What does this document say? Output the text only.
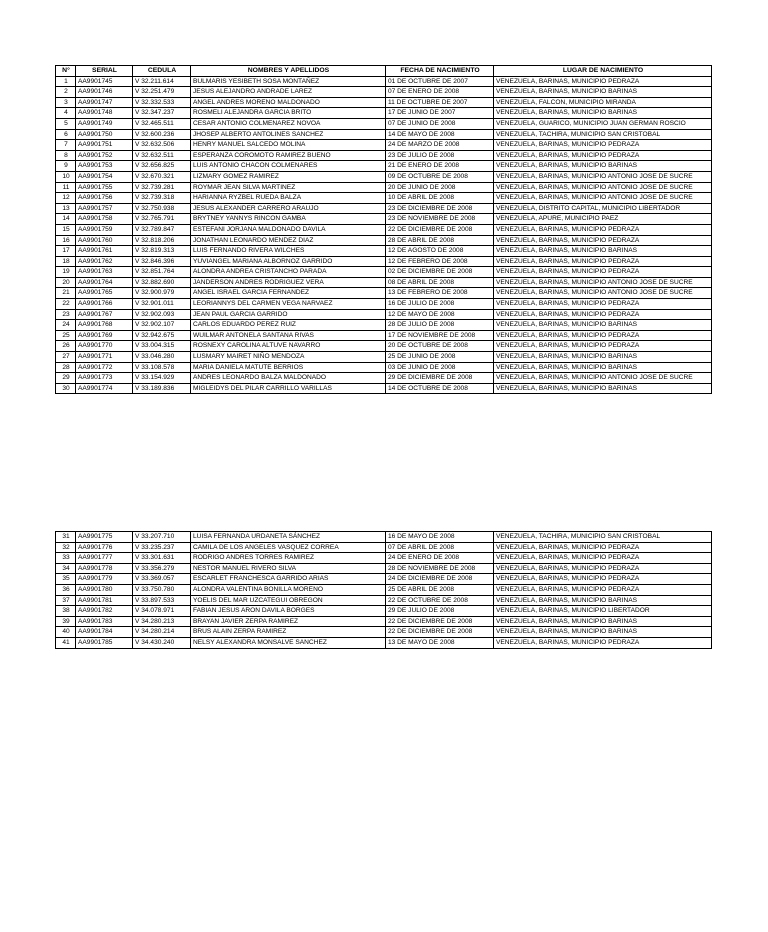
N°	SERIAL	CEDULA	NOMBRES Y APELLIDOS	FECHA DE NACIMIENTO	LUGAR DE NACIMIENTO
1	AA9901745	V 32.211.614	BULMARIS YESIBETH SOSA MONTAÑEZ	01 DE OCTUBRE DE 2007	VENEZUELA, BARINAS, MUNICIPIO PEDRAZA
2	AA9901746	V 32.251.479	JESUS ALEJANDRO ANDRADE LAREZ	07 DE ENERO DE 2008	VENEZUELA, BARINAS, MUNICIPIO BARINAS
3	AA9901747	V 32.332.533	ANGEL ANDRES MORENO MALDONADO	11 DE OCTUBRE DE 2007	VENEZUELA, FALCON, MUNICIPIO MIRANDA
4	AA9901748	V 32.347.237	ROSMELI ALEJANDRA GARCIA BRITO	17 DE JUNIO DE 2007	VENEZUELA, BARINAS, MUNICIPIO BARINAS
5	AA9901749	V 32.465.511	CESAR ANTONIO COLMENAREZ NOVOA	07 DE JUNIO DE 2008	VENEZUELA, GUARICO, MUNICIPIO JUAN GERMAN ROSCIO
6	AA9901750	V 32.600.236	JHOSEP ALBERTO ANTOLINES SANCHEZ	14 DE MAYO DE 2008	VENEZUELA, TACHIRA, MUNICIPIO SAN CRISTOBAL
7	AA9901751	V 32.632.506	HENRY MANUEL SALCEDO MOLINA	24 DE MARZO DE 2008	VENEZUELA, BARINAS, MUNICIPIO PEDRAZA
8	AA9901752	V 32.632.511	ESPERANZA COROMOTO RAMIREZ BUENO	23 DE JULIO DE 2008	VENEZUELA, BARINAS, MUNICIPIO PEDRAZA
9	AA9901753	V 32.656.825	LUIS ANTONIO CHACON COLMENARES	21 DE ENERO DE 2008	VENEZUELA, BARINAS, MUNICIPIO BARINAS
10	AA9901754	V 32.670.321	LIZMARY GOMEZ RAMIREZ	09 DE OCTUBRE DE 2008	VENEZUELA, BARINAS, MUNICIPIO ANTONIO JOSE DE SUCRE
11	AA9901755	V 32.739.281	ROYMAR JEAN SILVA MARTINEZ	20 DE JUNIO DE 2008	VENEZUELA, BARINAS, MUNICIPIO ANTONIO JOSE DE SUCRE
12	AA9901756	V 32.739.318	HARIANNA RYZBEL RUEDA BALZA	10 DE ABRIL DE 2008	VENEZUELA, BARINAS, MUNICIPIO ANTONIO JOSE DE SUCRE
13	AA9901757	V 32.750.938	JESUS ALEXANDER CARRERO ARAUJO	23 DE DICIEMBRE DE 2008	VENEZUELA, DISTRITO CAPITAL, MUNICIPIO LIBERTADOR
14	AA9901758	V 32.765.791	BRYTNEY YANNYS RINCON GAMBA	23 DE NOVIEMBRE DE 2008	VENEZUELA, APURE, MUNICIPIO PAEZ
15	AA9901759	V 32.789.847	ESTEFANI JORJANA MALDONADO DAVILA	22 DE DICIEMBRE DE 2008	VENEZUELA, BARINAS, MUNICIPIO PEDRAZA
16	AA9901760	V 32.818.206	JONATHAN LEONARDO MENDEZ DIAZ	28 DE ABRIL DE 2008	VENEZUELA, BARINAS, MUNICIPIO PEDRAZA
17	AA9901761	V 32.819.313	LUIS FERNANDO RIVERA WILCHES	12 DE AGOSTO DE 2008	VENEZUELA, BARINAS, MUNICIPIO BARINAS
18	AA9901762	V 32.846.396	YUVIANGEL MARIANA ALBORNOZ GARRIDO	12 DE FEBRERO DE 2008	VENEZUELA, BARINAS, MUNICIPIO PEDRAZA
19	AA9901763	V 32.851.764	ALONDRA ANDREA CRISTANCHO PARADA	02 DE DICIEMBRE DE 2008	VENEZUELA, BARINAS, MUNICIPIO PEDRAZA
20	AA9901764	V 32.882.690	JANDERSON ANDRES RODRIGUEZ VERA	08 DE ABRIL DE 2008	VENEZUELA, BARINAS, MUNICIPIO ANTONIO JOSE DE SUCRE
21	AA9901765	V 32.900.979	ANGEL ISRAEL GARCIA FERNANDEZ	13 DE FEBRERO DE 2008	VENEZUELA, BARINAS, MUNICIPIO ANTONIO JOSE DE SUCRE
22	AA9901766	V 32.901.011	LEORIANNYS DEL CARMEN VEGA NARVAEZ	16 DE JULIO DE 2008	VENEZUELA, BARINAS, MUNICIPIO PEDRAZA
23	AA9901767	V 32.902.093	JEAN PAUL GARCIA GARRIDO	12 DE MAYO DE 2008	VENEZUELA, BARINAS, MUNICIPIO PEDRAZA
24	AA9901768	V 32.902.107	CARLOS EDUARDO PEREZ RUIZ	28 DE JULIO DE 2008	VENEZUELA, BARINAS, MUNICIPIO BARINAS
25	AA9901769	V 32.942.675	WUILMAR ANTONELA SANTANA RIVAS	17 DE NOVIEMBRE DE 2008	VENEZUELA, BARINAS, MUNICIPIO PEDRAZA
26	AA9901770	V 33.004.315	ROSNEXY CAROLINA ALTUVE NAVARRO	20 DE OCTUBRE DE 2008	VENEZUELA, BARINAS, MUNICIPIO PEDRAZA
27	AA9901771	V 33.046.280	LUSMARY MAIRET NIÑO MENDOZA	25 DE JUNIO DE 2008	VENEZUELA, BARINAS, MUNICIPIO BARINAS
28	AA9901772	V 33.108.578	MARIA DANIELA MATUTE BERRIOS	03 DE JUNIO DE 2008	VENEZUELA, BARINAS, MUNICIPIO BARINAS
29	AA9901773	V 33.154.929	ANDRES LEONARDO BALZA MALDONADO	29 DE DICIEMBRE DE 2008	VENEZUELA, BARINAS, MUNICIPIO ANTONIO JOSE DE SUCRE
30	AA9901774	V 33.189.836	MIGLEIDYS DEL PILAR CARRILLO VARILLAS	14 DE OCTUBRE DE 2008	VENEZUELA, BARINAS, MUNICIPIO BARINAS
31	AA9901775	V 33.207.710	LUISA FERNANDA URDANETA SÁNCHEZ	16 DE MAYO DE 2008	VENEZUELA, TACHIRA, MUNICIPIO SAN CRISTOBAL
32	AA9901776	V 33.235.237	CAMILA DE LOS ANGELES VASQUEZ CORREA	07 DE ABRIL DE 2008	VENEZUELA, BARINAS, MUNICIPIO PEDRAZA
33	AA9901777	V 33.301.631	RODRIGO ANDRES TORRES RAMIREZ	24 DE ENERO DE 2008	VENEZUELA, BARINAS, MUNICIPIO PEDRAZA
34	AA9901778	V 33.356.279	NESTOR MANUEL RIVERO SILVA	28 DE NOVIEMBRE DE 2008	VENEZUELA, BARINAS, MUNICIPIO PEDRAZA
35	AA9901779	V 33.369.057	ESCARLET FRANCHESCA GARRIDO ARIAS	24 DE DICIEMBRE DE 2008	VENEZUELA, BARINAS, MUNICIPIO PEDRAZA
36	AA9901780	V 33.750.780	ALONDRA VALENTINA BONILLA MORENO	25 DE ABRIL DE 2008	VENEZUELA, BARINAS, MUNICIPIO PEDRAZA
37	AA9901781	V 33.897.533	YOELIS DEL MAR UZCATEGUI OBREGON	22 DE OCTUBRE DE 2008	VENEZUELA, BARINAS, MUNICIPIO BARINAS
38	AA9901782	V 34.078.971	FABIAN JESUS ARON DAVILA BORGES	29 DE JULIO DE 2008	VENEZUELA, BARINAS, MUNICIPIO LIBERTADOR
39	AA9901783	V 34.280.213	BRAYAN JAVIER ZERPA RAMIREZ	22 DE DICIEMBRE DE 2008	VENEZUELA, BARINAS, MUNICIPIO BARINAS
40	AA9901784	V 34.280.214	BRUS ALAIN ZERPA RAMIREZ	22 DE DICIEMBRE DE 2008	VENEZUELA, BARINAS, MUNICIPIO BARINAS
41	AA9901785	V 34.430.240	NELSY ALEXANDRA MONSALVE SANCHEZ	13 DE MAYO DE 2008	VENEZUELA, BARINAS, MUNICIPIO PEDRAZA
